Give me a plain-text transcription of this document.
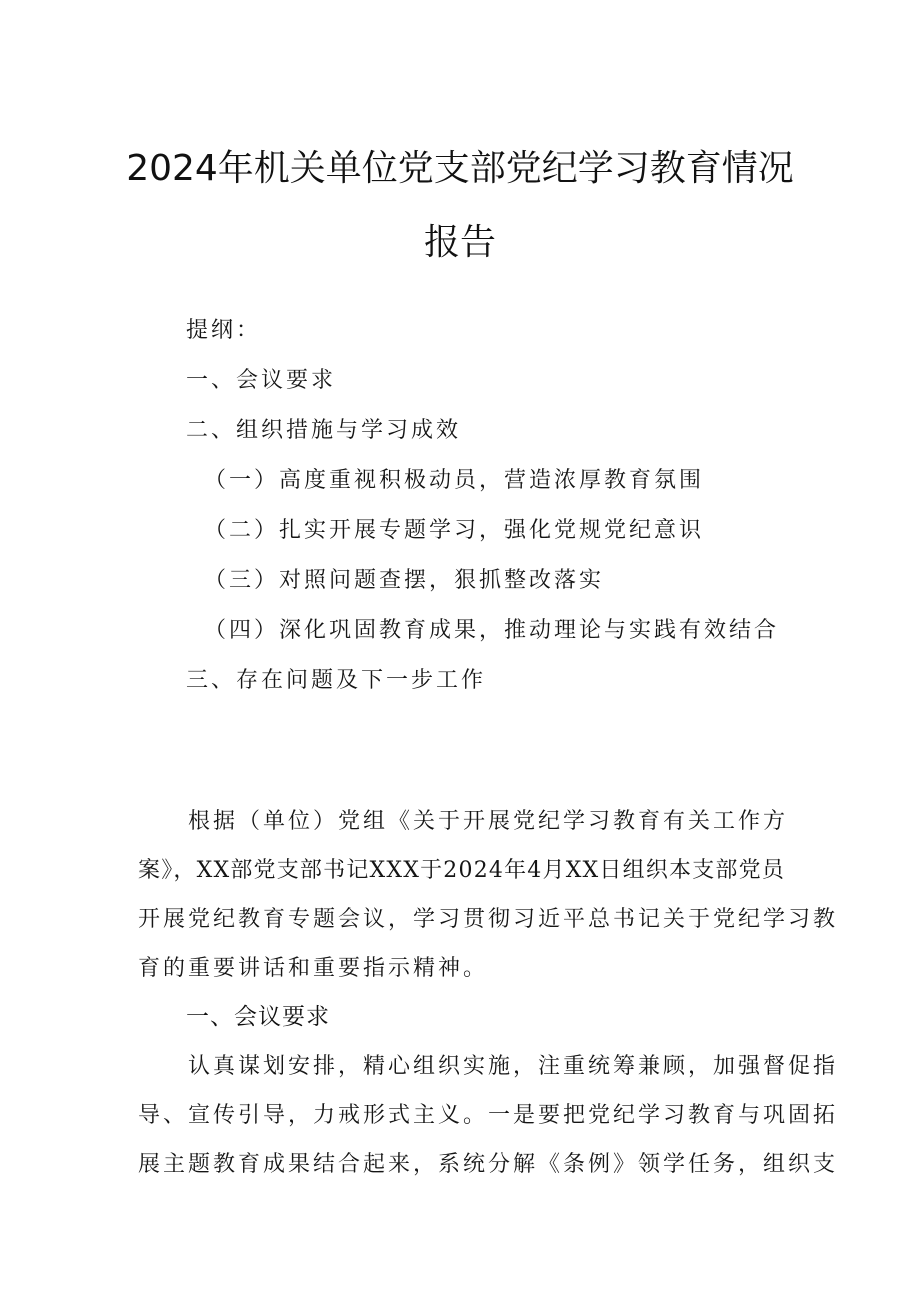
2024年机关单位党支部党纪学习教育情况
报告
提纲：
一、会议要求
二、组织措施与学习成效
（一）高度重视积极动员，营造浓厚教育氛围
（二）扎实开展专题学习，强化党规党纪意识
（三）对照问题查摆，狠抓整改落实
（四）深化巩固教育成果，推动理论与实践有效结合
三、存在问题及下一步工作
根据（单位）党组《关于开展党纪学习教育有关工作方
案》，XX部党支部书记XXX于2024年4月XX日组织本支部党员
开展党纪教育专题会议，学习贯彻习近平总书记关于党纪学习教
育的重要讲话和重要指示精神。
一、会议要求
认真谋划安排，精心组织实施，注重统筹兼顾，加强督促指
导、宣传引导，力戒形式主义。一是要把党纪学习教育与巩固拓
展主题教育成果结合起来，系统分解《条例》领学任务，组织支
